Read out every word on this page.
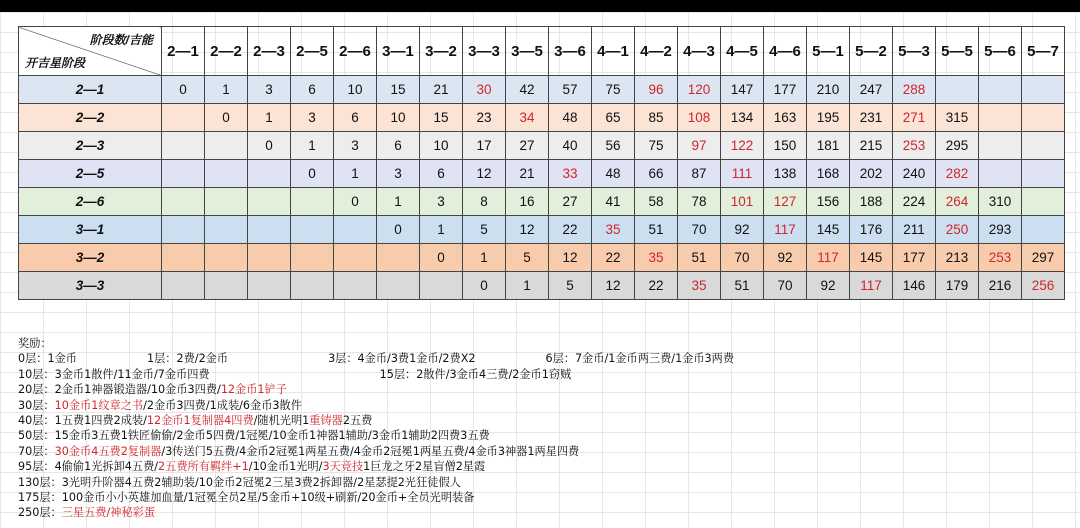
阶段数/吉能
开吉星阶段	2—1	2—2	2—3	2—5	2—6	3—1	3—2	3—3	3—5	3—6	4—1	4—2	4—3	4—5	4—6	5—1	5—2	5—3	5—5	5—6	5—7
2—1	0	1	3	6	10	15	21	30	42	57	75	96	120	147	177	210	247	288			
2—2		0	1	3	6	10	15	23	34	48	65	85	108	134	163	195	231	271	315		
2—3			0	1	3	6	10	17	27	40	56	75	97	122	150	181	215	253	295		
2—5				0	1	3	6	12	21	33	48	66	87	111	138	168	202	240	282		
2—6					0	1	3	8	16	27	41	58	78	101	127	156	188	224	264	310	
3—1						0	1	5	12	22	35	51	70	92	117	145	176	211	250	293	
3—2							0	1	5	12	22	35	51	70	92	117	145	177	213	253	297
3—3								0	1	5	12	22	35	51	70	92	117	146	179	216	256
奖励：
0层：1金币	1层：2费/2金币	3层：4金币/3费1金币/2费X2	6层：7金币/1金币两三费/1金币3两费
10层：3金币1散件/11金币/7金币四费	15层：2散件/3金币4三费/2金币1窃贼
20层：2金币1神器锻造器/10金币3四费/12金币1铲子
30层：10金币1纹章之书/2金币3四费/1成装/6金币3散件
40层：1五费1四费2成装/12金币1复制器4四费/随机光明1重铸器2五费
50层：15金币3五费1铁匠偷偷/2金币5四费/1冠冕/10金币1神器1辅助/3金币1辅助2四费3五费
70层：30金币4五费2复制器/3传送门5五费/4金币2冠冕1两星五费/4金币2冠冕1两星五费/4金币3神器1两星四费
95层：4偷偷1光拆卸4五费/2五费所有羁绊+1/10金币1光明/3天竞技1巨龙之牙2星盲僧2星霞
130层：3光明升阶器4五费2辅助装/10金币2冠冕2三星3费2拆卸器/2星瑟提2光狂徒假人
175层：100金币小小英雄加血量/1冠冕全员2星/5金币+10级+刷新/20金币+全员光明装备
250层：三星五费/神秘彩蛋
